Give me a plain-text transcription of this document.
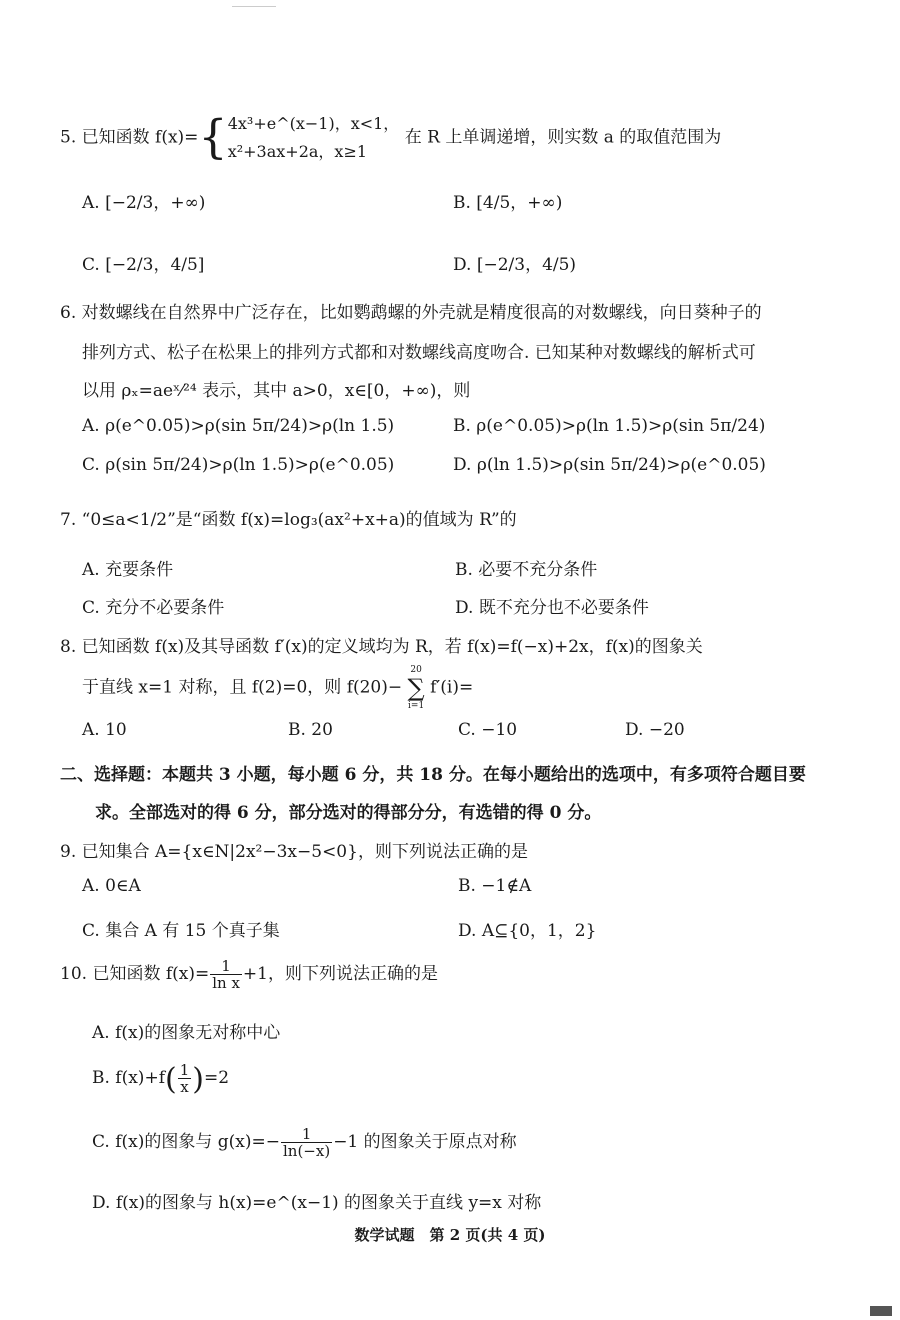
5. 已知函数 f(x)={ 4x³+e^(x−1)，x<1，
x²+3ax+2a，x≥1
在 R 上单调递增，则实数 a 的取值范围为
A. [−2/3，+∞)	B. [4/5，+∞)
C. [−2/3，4/5]	D. [−2/3，4/5)
6. 对数螺线在自然界中广泛存在，比如鹦鹉螺的外壳就是精度很高的对数螺线，向日葵种子的
排列方式、松子在松果上的排列方式都和对数螺线高度吻合. 已知某种对数螺线的解析式可
以用 ρₓ=aeˣ⁄²⁴ 表示，其中 a>0，x∈[0，+∞)，则
A. ρ(e^0.05)>ρ(sin 5π/24)>ρ(ln 1.5)	B. ρ(e^0.05)>ρ(ln 1.5)>ρ(sin 5π/24)
C. ρ(sin 5π/24)>ρ(ln 1.5)>ρ(e^0.05)	D. ρ(ln 1.5)>ρ(sin 5π/24)>ρ(e^0.05)
7. “0≤a<1/2”是“函数 f(x)=log₃(ax²+x+a)的值域为 R”的
A. 充要条件	B. 必要不充分条件
C. 充分不必要条件	D. 既不充分也不必要条件
8. 已知函数 f(x)及其导函数 f′(x)的定义域均为 R，若 f(x)=f(−x)+2x，f(x)的图象关
于直线 x=1 对称，且 f(2)=0，则 f(20)−
20
∑
i=1
f′(i)=
A. 10	B. 20	C. −10	D. −20
二、选择题：本题共 3 小题，每小题 6 分，共 18 分。在每小题给出的选项中，有多项符合题目要
求。全部选对的得 6 分，部分选对的得部分分，有选错的得 0 分。
9. 已知集合 A={x∈N|2x²−3x−5<0}，则下列说法正确的是
A. 0∈A	B. −1∉A
C. 集合 A 有 15 个真子集	D. A⊆{0，1，2}
10. 已知函数 $f(x)= \frac{1}{\text{ln x}} +1$，则下列说法正确的是
A. f(x)的图象无对称中心
B. $f(x)+f( \frac{1}{x} )=2$
C. f(x)的图象与 $g(x)=- \frac{1}{\ln(-x)} -1$ 的图象关于原点对称
D. f(x)的图象与 h(x)=e^(x−1) 的图象关于直线 y=x 对称
数学试题　第 2 页(共 4 页)
